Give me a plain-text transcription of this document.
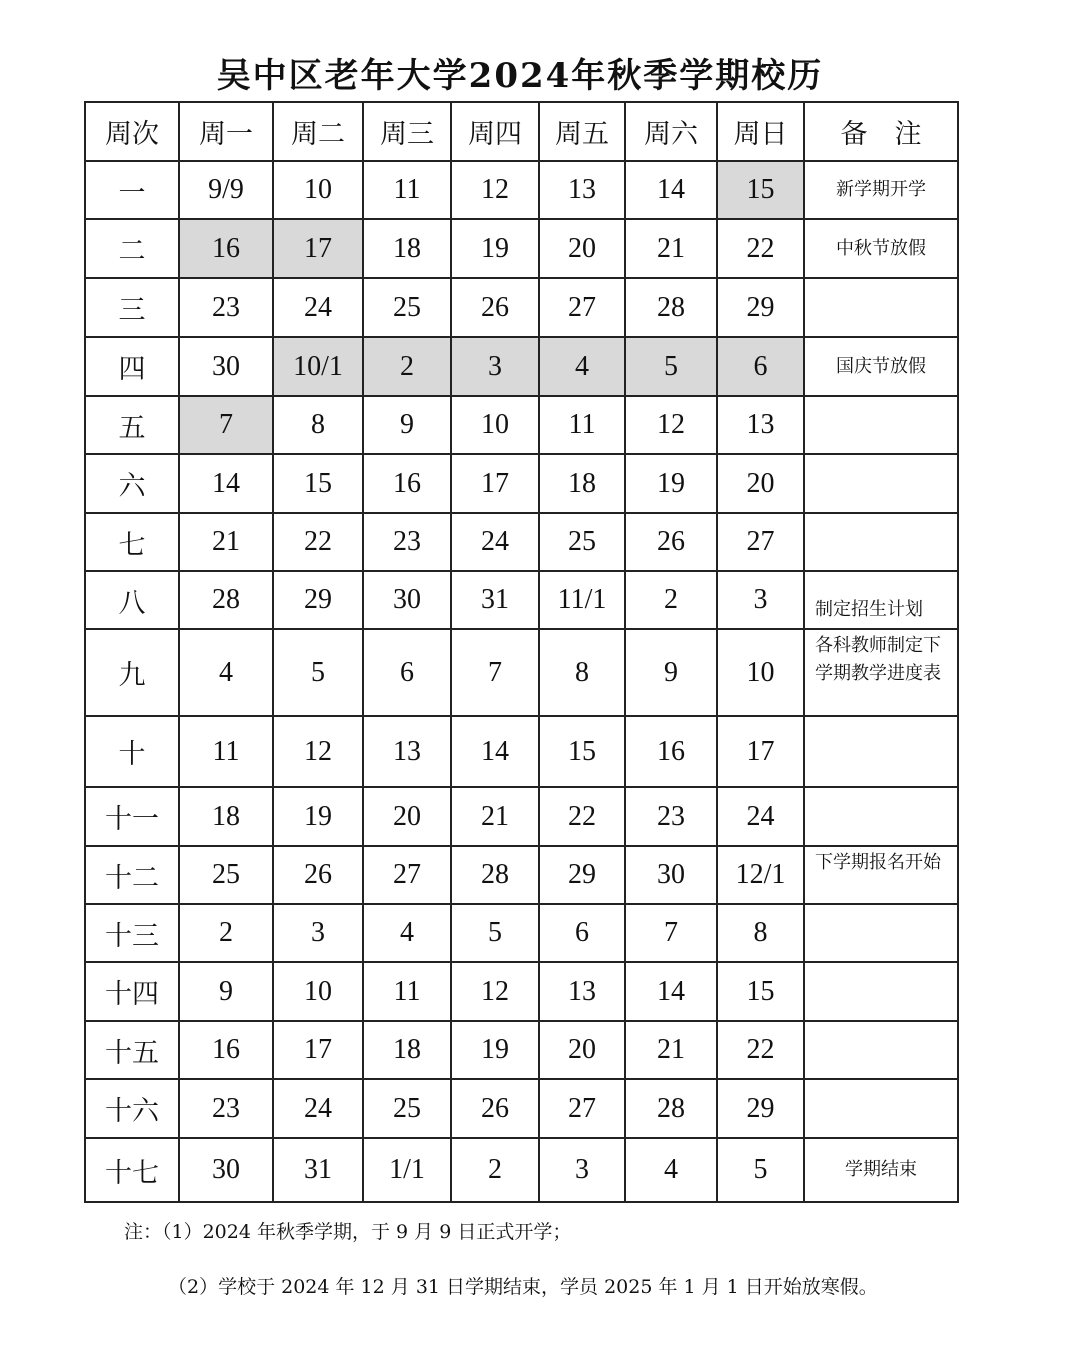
吴中区老年大学2024年秋季学期校历
周次	周一	周二	周三	周四	周五	周六	周日	备　注
一	9/9	10	11	12	13	14	15	新学期开学
二	16	17	18	19	20	21	22	中秋节放假
三	23	24	25	26	27	28	29	
四	30	10/1	2	3	4	5	6	国庆节放假
五	7	8	9	10	11	12	13	
六	14	15	16	17	18	19	20	
七	21	22	23	24	25	26	27	
八	28	29	30	31	11/1	2	3	制定招生计划
九	4	5	6	7	8	9	10	各科教师制定下学期教学进度表
十	11	12	13	14	15	16	17	
十一	18	19	20	21	22	23	24	
十二	25	26	27	28	29	30	12/1	下学期报名开始
十三	2	3	4	5	6	7	8	
十四	9	10	11	12	13	14	15	
十五	16	17	18	19	20	21	22	
十六	23	24	25	26	27	28	29	
十七	30	31	1/1	2	3	4	5	学期结束
注：（1）2024 年秋季学期，于 9 月 9 日正式开学；
（2）学校于 2024 年 12 月 31 日学期结束，学员 2025 年 1 月 1 日开始放寒假。
